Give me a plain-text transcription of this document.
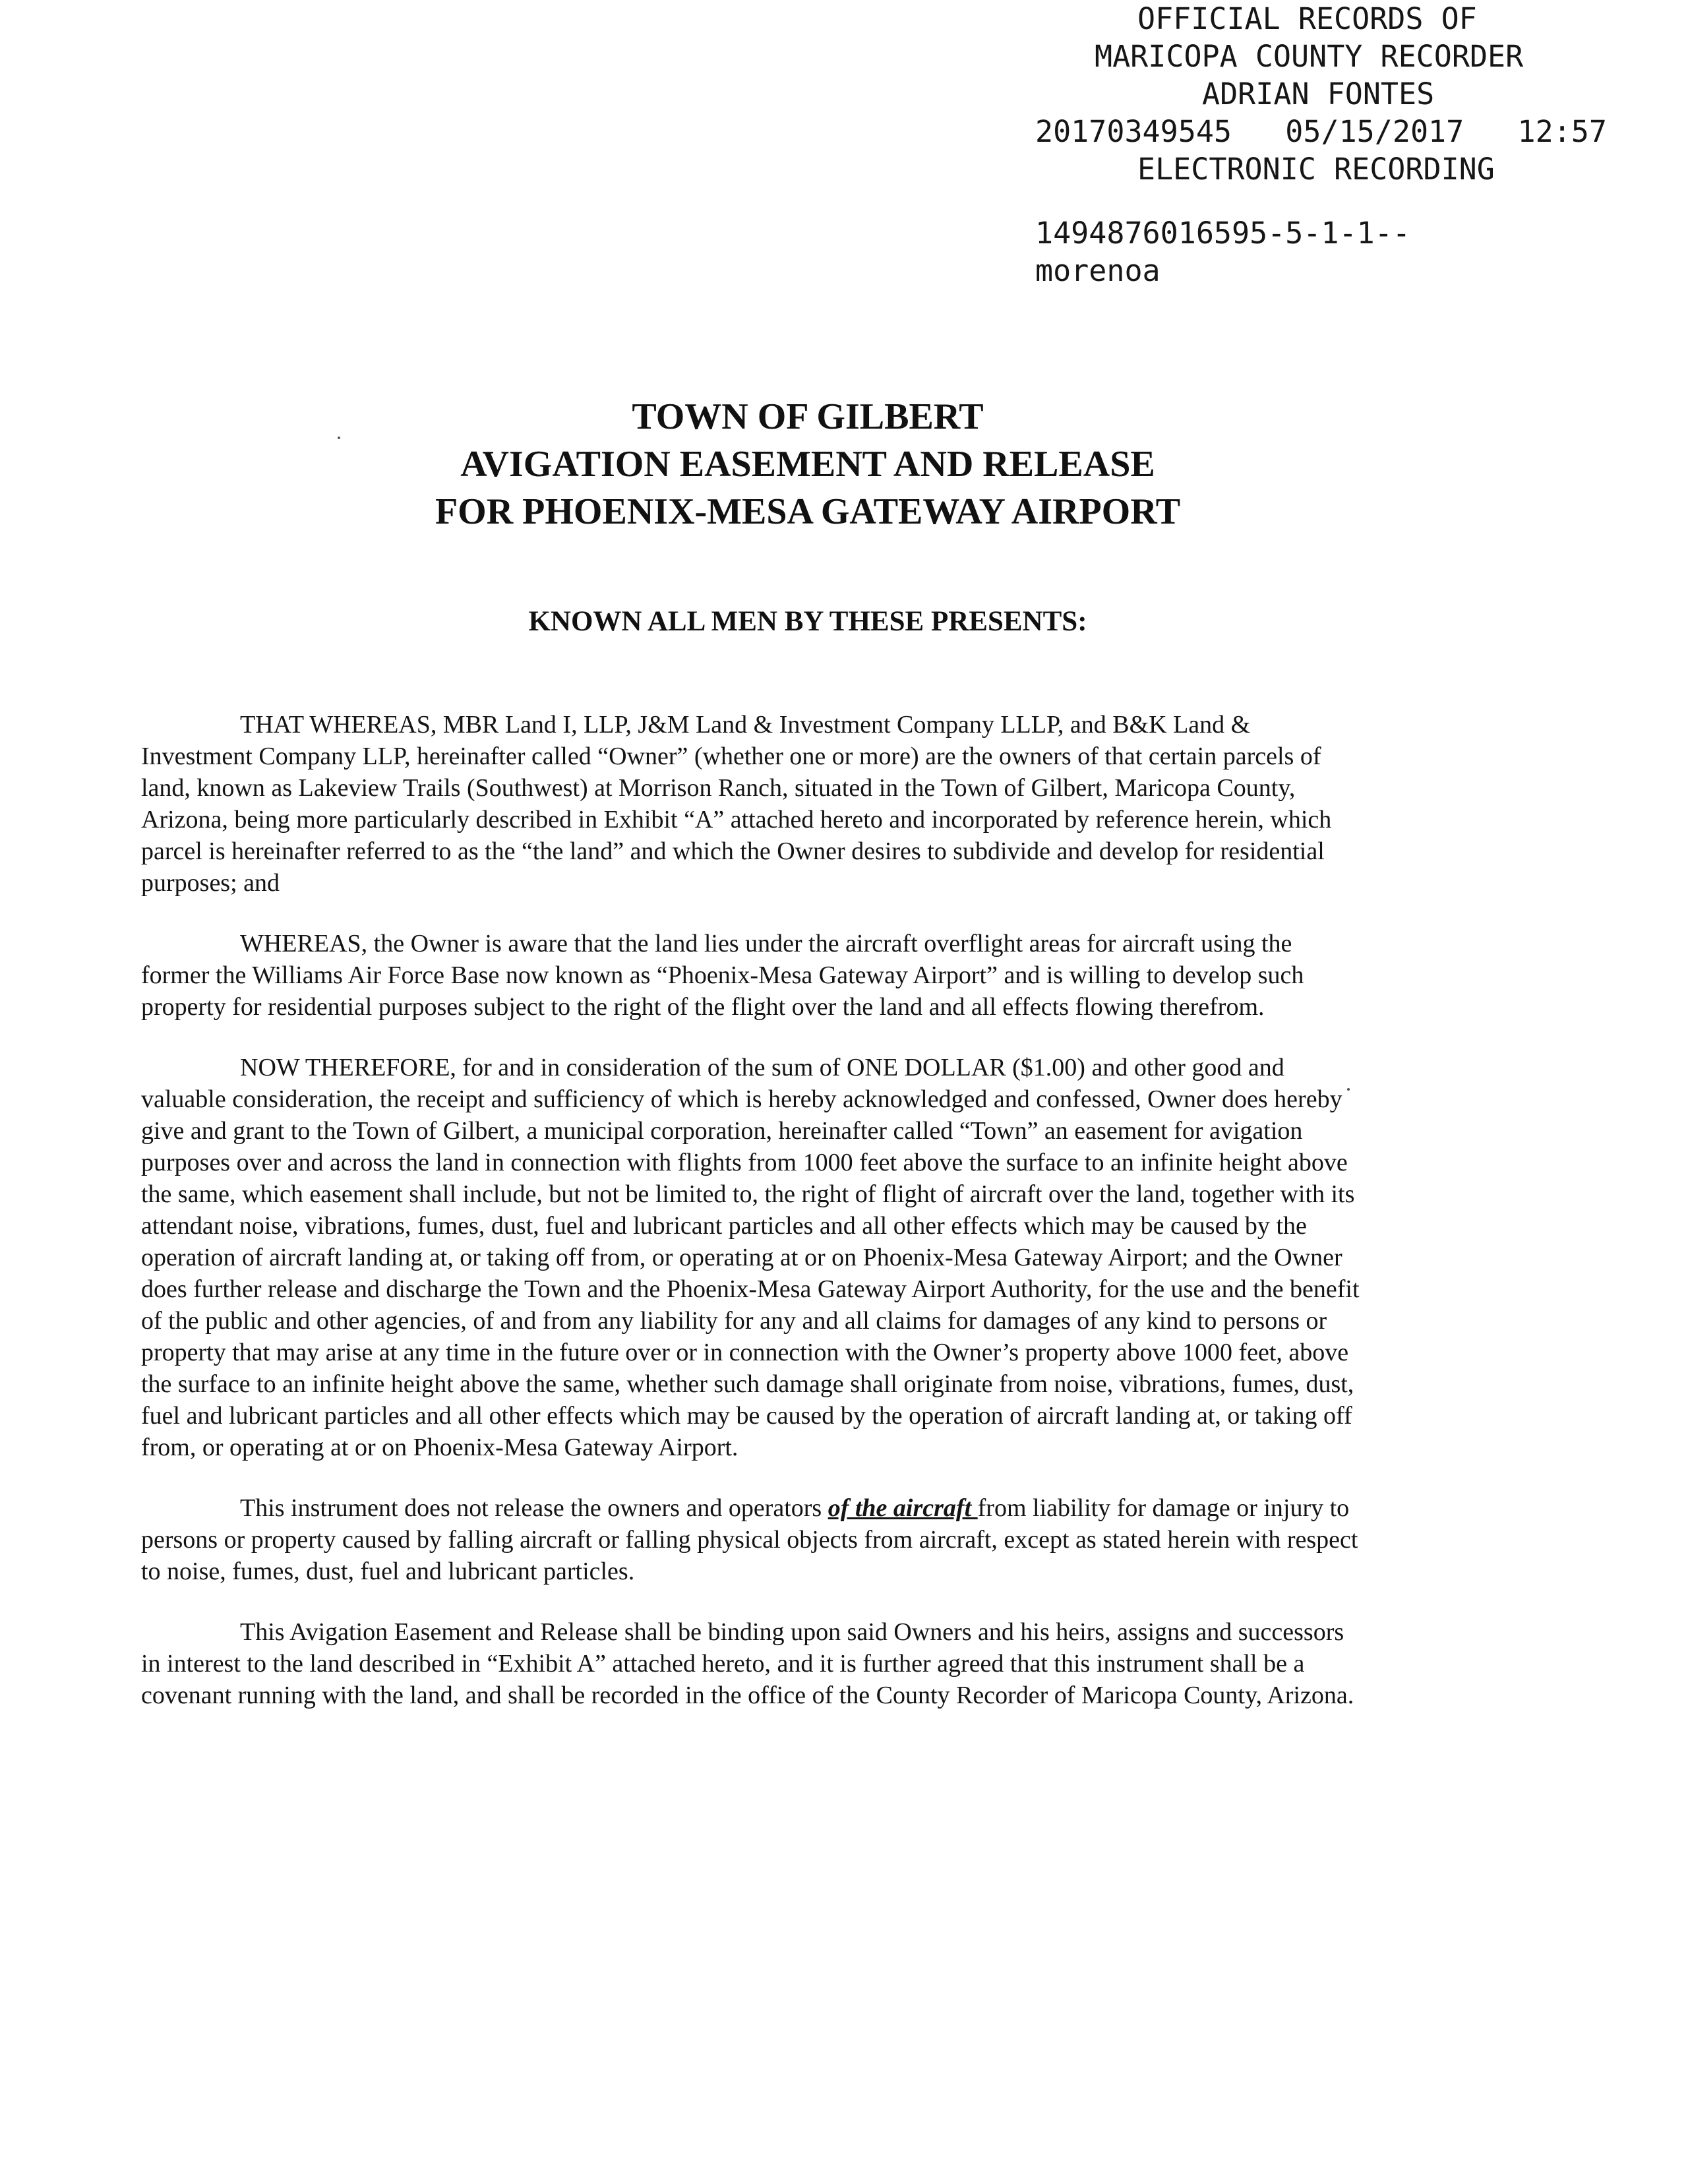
OFFICIAL RECORDS OF
MARICOPA COUNTY RECORDER
ADRIAN FONTES
20170349545   05/15/2017   12:57
ELECTRONIC RECORDING
1494876016595-5-1-1--
morenoa
TOWN OF GILBERT
AVIGATION EASEMENT AND RELEASE
FOR PHOENIX-MESA GATEWAY AIRPORT
KNOWN ALL MEN BY THESE PRESENTS:

THAT WHEREAS, MBR Land I, LLP, J&M Land & Investment Company LLLP, and B&K Land & Investment Company LLP, hereinafter called “Owner” (whether one or more) are the owners of that certain parcels of land, known as Lakeview Trails (Southwest) at Morrison Ranch, situated in the Town of Gilbert, Maricopa County, Arizona, being more particularly described in Exhibit “A” attached hereto and incorporated by reference herein, which parcel is hereinafter referred to as the “the land” and which the Owner desires to subdivide and develop for residential purposes; and

WHEREAS, the Owner is aware that the land lies under the aircraft overflight areas for aircraft using the former the Williams Air Force Base now known as “Phoenix-Mesa Gateway Airport” and is willing to develop such property for residential purposes subject to the right of the flight over the land and all effects flowing therefrom.

NOW THEREFORE, for and in consideration of the sum of ONE DOLLAR ($1.00) and other good and valuable consideration, the receipt and sufficiency of which is hereby acknowledged and confessed, Owner does hereby give and grant to the Town of Gilbert, a municipal corporation, hereinafter called “Town” an easement for avigation purposes over and across the land in connection with flights from 1000 feet above the surface to an infinite height above the same, which easement shall include, but not be limited to, the right of flight of aircraft over the land, together with its attendant noise, vibrations, fumes, dust, fuel and lubricant particles and all other effects which may be caused by the operation of aircraft landing at, or taking off from, or operating at or on Phoenix-Mesa Gateway Airport; and the Owner does further release and discharge the Town and the Phoenix-Mesa Gateway Airport Authority, for the use and the benefit of the public and other agencies, of and from any liability for any and all claims for damages of any kind to persons or property that may arise at any time in the future over or in connection with the Owner’s property above 1000 feet, above the surface to an infinite height above the same, whether such damage shall originate from noise, vibrations, fumes, dust, fuel and lubricant particles and all other effects which may be caused by the operation of aircraft landing at, or taking off from, or operating at or on Phoenix-Mesa Gateway Airport.

This instrument does not release the owners and operators of the aircraft from liability for damage or injury to persons or property caused by falling aircraft or falling physical objects from aircraft, except as stated herein with respect to noise, fumes, dust, fuel and lubricant particles.

This Avigation Easement and Release shall be binding upon said Owners and his heirs, assigns and successors in interest to the land described in “Exhibit A” attached hereto, and it is further agreed that this instrument shall be a covenant running with the land, and shall be recorded in the office of the County Recorder of Maricopa County, Arizona.
